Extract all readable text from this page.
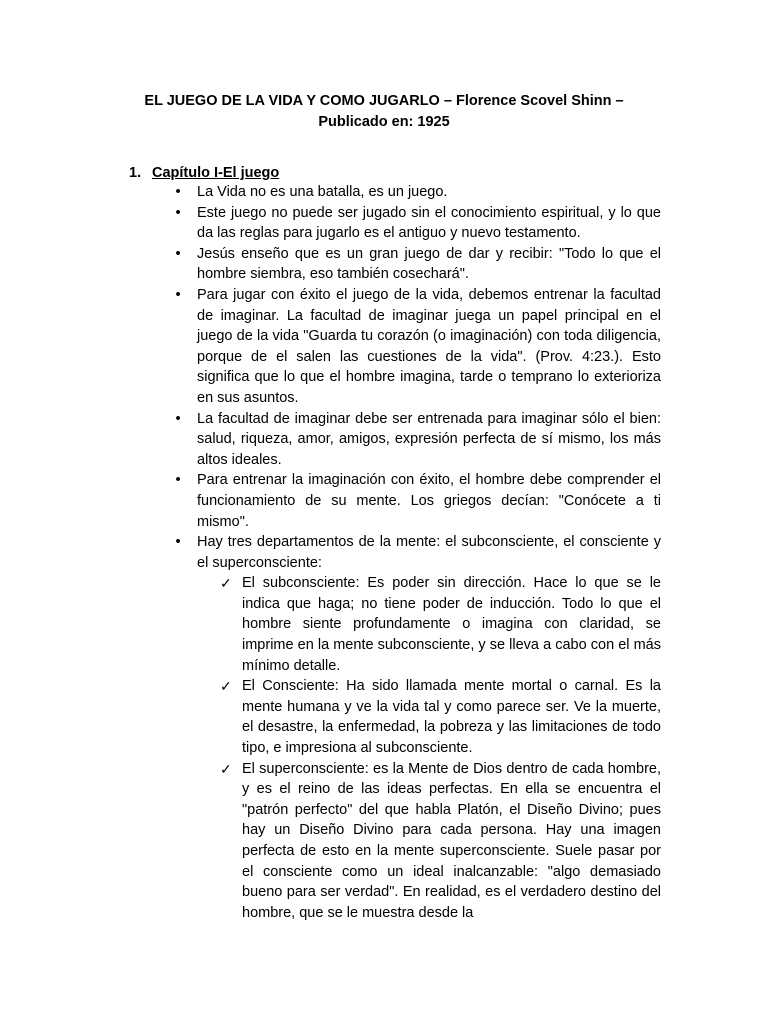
EL JUEGO DE LA VIDA Y COMO JUGARLO – Florence Scovel Shinn –
Publicado en: 1925
1. Capítulo I-El juego
• La Vida no es una batalla, es un juego.
• Este juego no puede ser jugado sin el conocimiento espiritual, y lo que da las reglas para jugarlo es el antiguo y nuevo testamento.
• Jesús enseño que es un gran juego de dar y recibir: "Todo lo que el hombre siembra, eso también cosechará".
• Para jugar con éxito el juego de la vida, debemos entrenar la facultad de imaginar. La facultad de imaginar juega un papel principal en el juego de la vida "Guarda tu corazón (o imaginación) con toda diligencia, porque de el salen las cuestiones de la vida". (Prov. 4:23.). Esto significa que lo que el hombre imagina, tarde o temprano lo exterioriza en sus asuntos.
• La facultad de imaginar debe ser entrenada para imaginar sólo el bien: salud, riqueza, amor, amigos, expresión perfecta de sí mismo, los más altos ideales.
• Para entrenar la imaginación con éxito, el hombre debe comprender el funcionamiento de su mente. Los griegos decían: "Conócete a ti mismo".
• Hay tres departamentos de la mente: el subconsciente, el consciente y el superconsciente:
✓ El subconsciente: Es poder sin dirección. Hace lo que se le indica que haga; no tiene poder de inducción. Todo lo que el hombre siente profundamente o imagina con claridad, se imprime en la mente subconsciente, y se lleva a cabo con el más mínimo detalle.
✓ El Consciente: Ha sido llamada mente mortal o carnal. Es la mente humana y ve la vida tal y como parece ser. Ve la muerte, el desastre, la enfermedad, la pobreza y las limitaciones de todo tipo, e impresiona al subconsciente.
✓ El superconsciente: es la Mente de Dios dentro de cada hombre, y es el reino de las ideas perfectas. En ella se encuentra el "patrón perfecto" del que habla Platón, el Diseño Divino; pues hay un Diseño Divino para cada persona. Hay una imagen perfecta de esto en la mente superconsciente. Suele pasar por el consciente como un ideal inalcanzable: "algo demasiado bueno para ser verdad". En realidad, es el verdadero destino del hombre, que se le muestra desde la
